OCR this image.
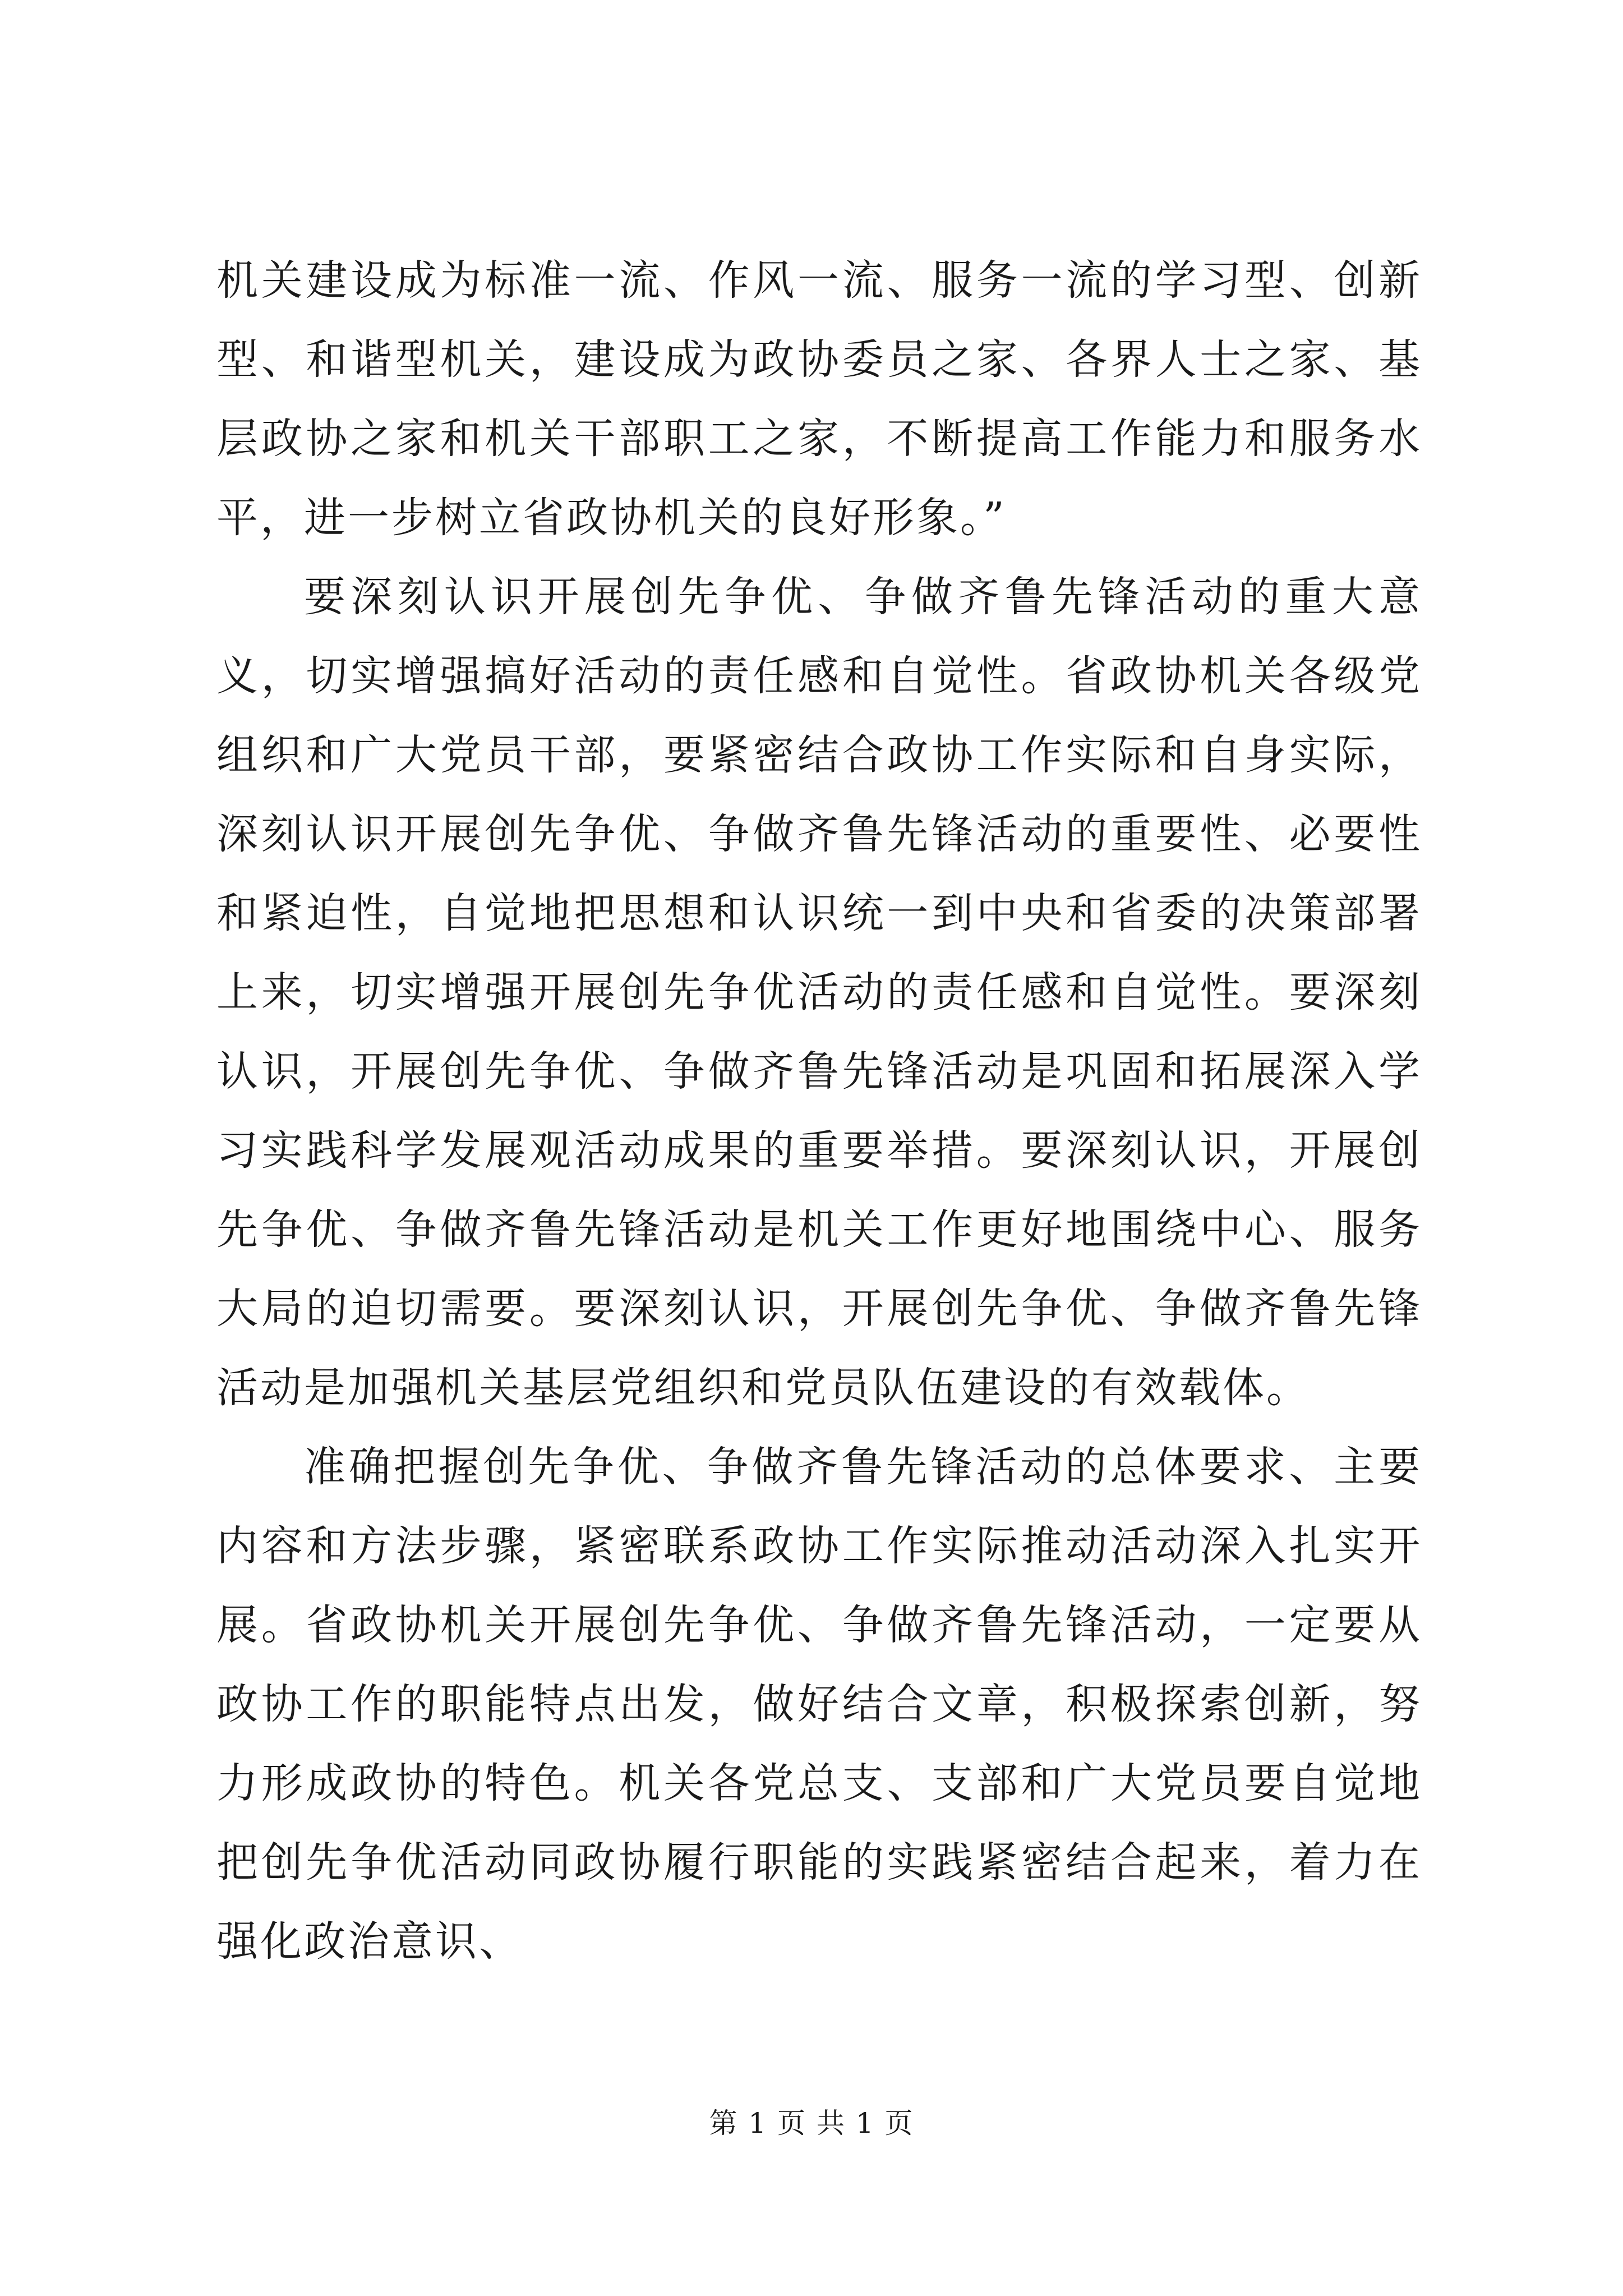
机关建设成为标准一流、作风一流、服务一流的学习型、创新型、和谐型机关，建设成为政协委员之家、各界人士之家、基层政协之家和机关干部职工之家，不断提高工作能力和服务水平，进一步树立省政协机关的良好形象。”

要深刻认识开展创先争优、争做齐鲁先锋活动的重大意义，切实增强搞好活动的责任感和自觉性。省政协机关各级党组织和广大党员干部，要紧密结合政协工作实际和自身实际，深刻认识开展创先争优、争做齐鲁先锋活动的重要性、必要性和紧迫性，自觉地把思想和认识统一到中央和省委的决策部署上来，切实增强开展创先争优活动的责任感和自觉性。要深刻认识，开展创先争优、争做齐鲁先锋活动是巩固和拓展深入学习实践科学发展观活动成果的重要举措。要深刻认识，开展创先争优、争做齐鲁先锋活动是机关工作更好地围绕中心、服务大局的迫切需要。要深刻认识，开展创先争优、争做齐鲁先锋活动是加强机关基层党组织和党员队伍建设的有效载体。

准确把握创先争优、争做齐鲁先锋活动的总体要求、主要内容和方法步骤，紧密联系政协工作实际推动活动深入扎实开展。省政协机关开展创先争优、争做齐鲁先锋活动，一定要从政协工作的职能特点出发，做好结合文章，积极探索创新，努力形成政协的特色。机关各党总支、支部和广大党员要自觉地把创先争优活动同政协履行职能的实践紧密结合起来，着力在强化政治意识、

第 1 页 共 1 页
